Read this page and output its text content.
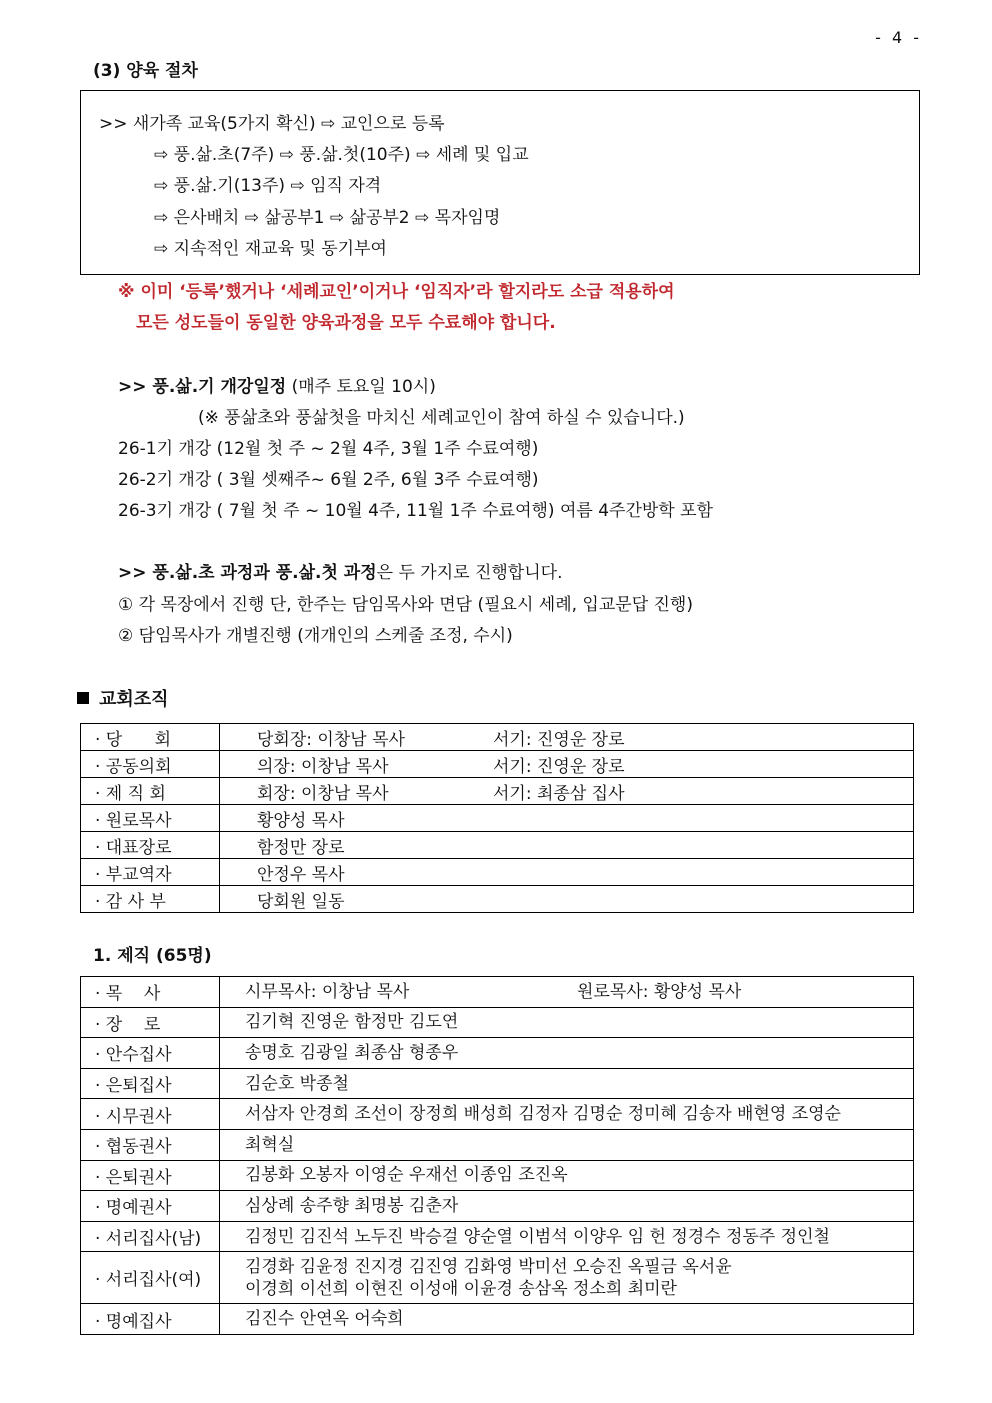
- 4 -
(3) 양육 절차
>> 새가족 교육(5가지 확신) ⇨ 교인으로 등록
⇨ 풍.삶.초(7주) ⇨ 풍.삶.첫(10주) ⇨ 세례 및 입교
⇨ 풍.삶.기(13주) ⇨ 임직 자격
⇨ 은사배치 ⇨ 삶공부1 ⇨ 삶공부2 ⇨ 목자임명
⇨ 지속적인 재교육 및 동기부여
※ 이미 ‘등록’했거나 ‘세례교인’이거나 ‘임직자’라 할지라도 소급 적용하여
모든 성도들이 동일한 양육과정을 모두 수료해야 합니다.
>> 풍.삶.기 개강일정 (매주 토요일 10시)
(※ 풍삶초와 풍삶첫을 마치신 세례교인이 참여 하실 수 있습니다.)
26-1기 개강 (12월 첫 주 ~ 2월 4주, 3월 1주 수료여행)
26-2기 개강 ( 3월 셋째주~ 6월 2주, 6월 3주 수료여행)
26-3기 개강 ( 7월 첫 주 ~ 10월 4주, 11월 1주 수료여행) 여름 4주간방학 포함
>> 풍.삶.초 과정과 풍.삶.첫 과정은 두 가지로 진행합니다.
① 각 목장에서 진행 단, 한주는 담임목사와 면담 (필요시 세례, 입교문답 진행)
② 담임목사가 개별진행 (개개인의 스케줄 조정, 수시)
교회조직
· 당      회	당회장: 이창남 목사 서기: 진영운 장로
· 공동의회	의장: 이창남 목사 서기: 진영운 장로
· 제 직 회	회장: 이창남 목사 서기: 최종삼 집사
· 원로목사	황양성 목사
· 대표장로	함정만 장로
· 부교역자	안정우 목사
· 감 사 부	당회원 일동
1. 제직 (65명)
· 목    사	시무목사: 이창남 목사 원로목사: 황양성 목사
· 장    로	김기혁 진영운 함정만 김도연

· 안수집사	송명호 김광일 최종삼 형종우

· 은퇴집사	김순호 박종철

· 시무권사	서삼자 안경희 조선이 장정희 배성희 김정자 김명순 정미혜 김송자 배현영 조영순

· 협동권사	최혁실

· 은퇴권사	김봉화 오봉자 이영순 우재선 이종임 조진옥

· 명예권사	심상례 송주향 최명봉 김춘자

· 서리집사(남)	김정민 김진석 노두진 박승걸 양순열 이범석 이양우 임 헌 정경수 정동주 정인철

· 서리집사(여)	김경화 김윤정 진지경 김진영 김화영 박미선 오승진 옥필금 옥서윤
이경희 이선희 이현진 이성애 이윤경 송삼옥 정소희 최미란

· 명예집사	김진수 안연옥 어숙희
